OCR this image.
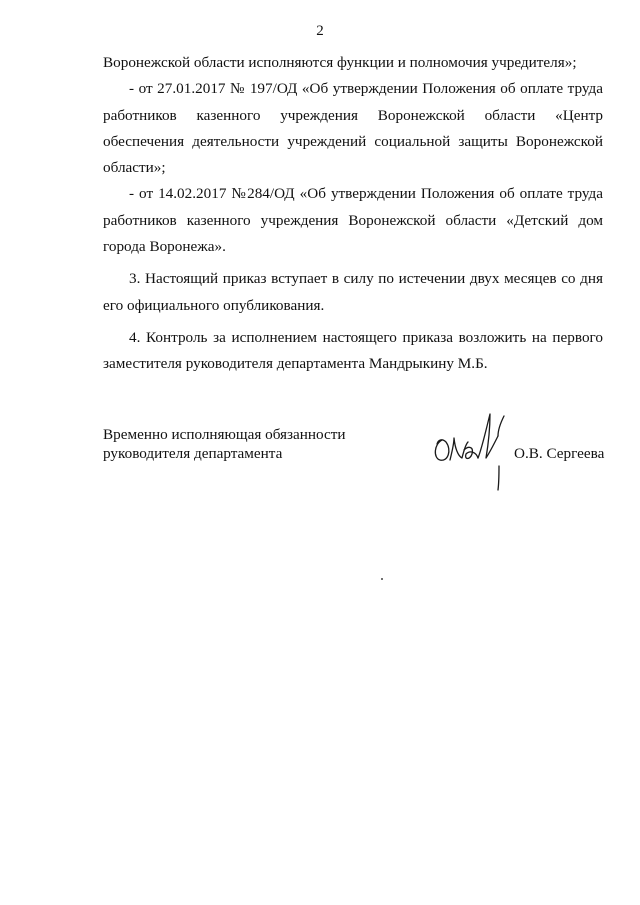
2

Воронежской области исполняются функции и полномочия учредителя»;

- от 27.01.2017 № 197/ОД «Об утверждении Положения об оплате труда работников казенного учреждения Воронежской области «Центр обеспечения деятельности учреждений социальной защиты Воронежской области»;

- от 14.02.2017 №284/ОД «Об утверждении Положения об оплате труда работников казенного учреждения Воронежской области «Детский дом города Воронежа».

3. Настоящий приказ вступает в силу по истечении двух месяцев со дня его официального опубликования.

4. Контроль за исполнением настоящего приказа возложить на первого заместителя руководителя департамента Мандрыкину М.Б.

Временно исполняющая обязанности
руководителя департамента	О.В. Сергеева
